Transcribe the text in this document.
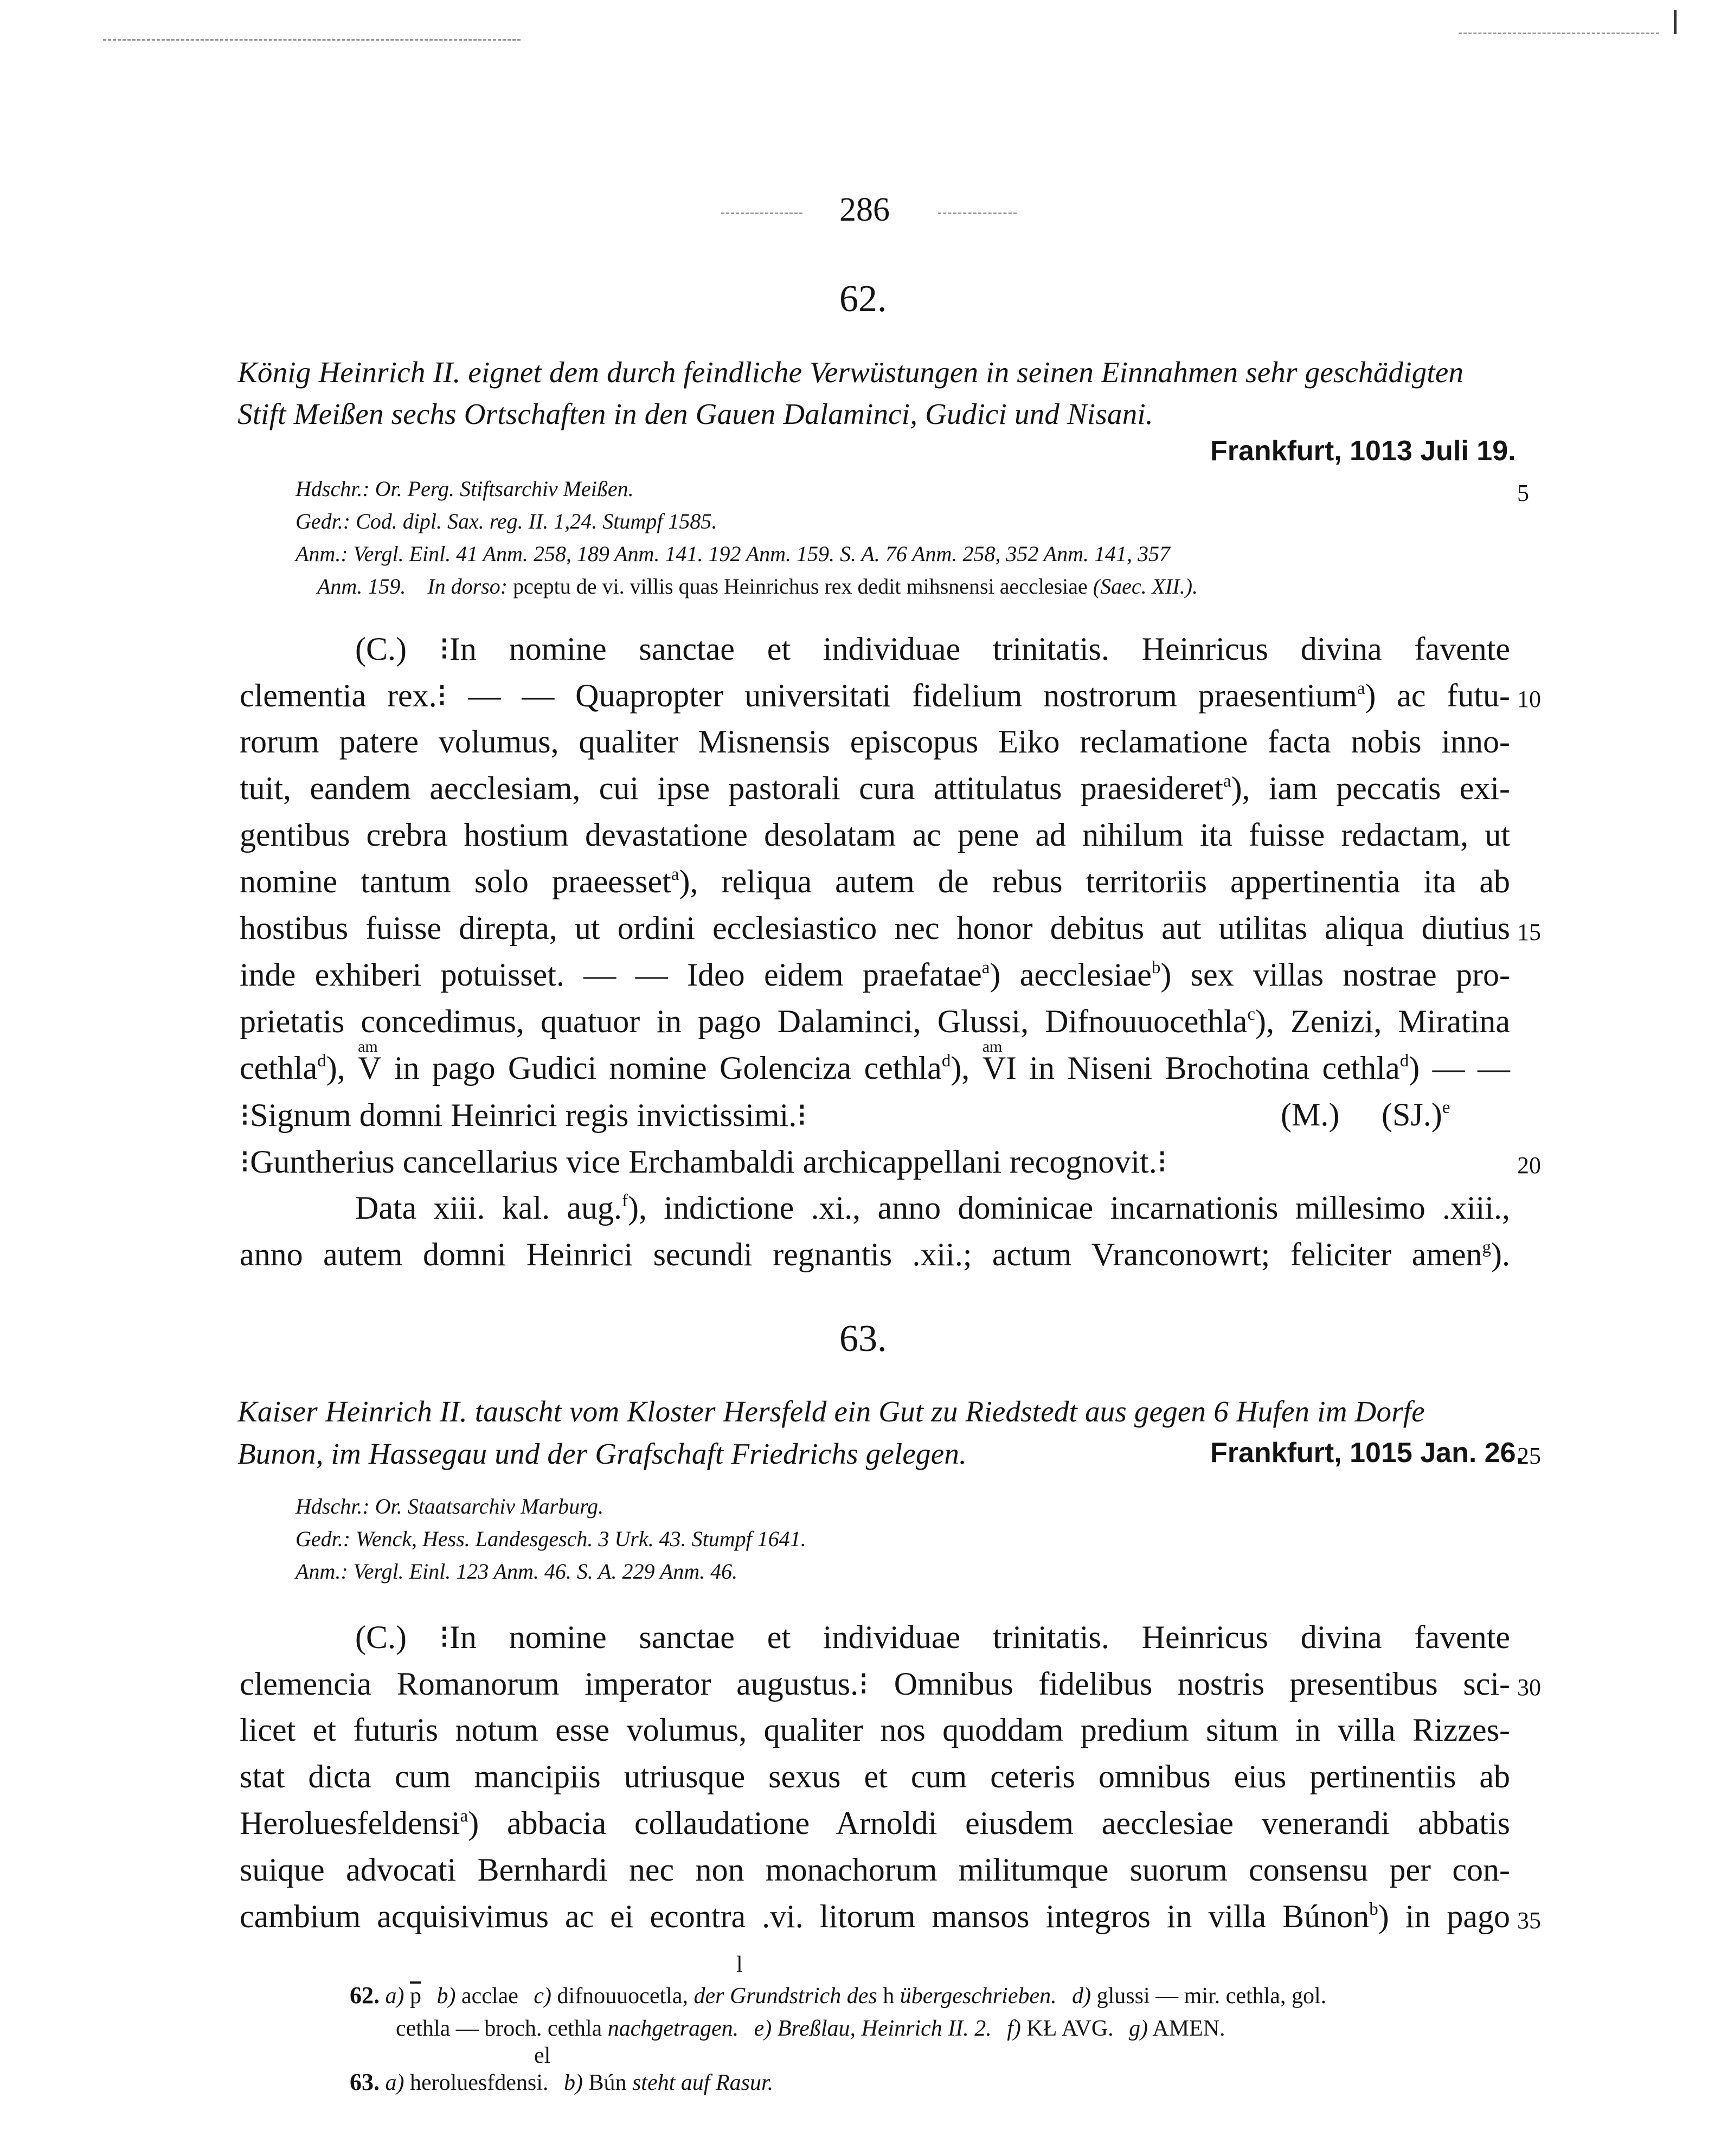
286
62.
König Heinrich II. eignet dem durch feindliche Verwüstungen in seinen Einnahmen sehr geschädigten
Stift Meißen sechs Ortschaften in den Gauen Dalaminci, Gudici und Nisani.
Frankfurt, 1013 Juli 19.
Hdschr.: Or. Perg. Stiftsarchiv Meißen.
Gedr.: Cod. dipl. Sax. reg. II. 1,24. Stumpf 1585.
Anm.: Vergl. Einl. 41 Anm. 258, 189 Anm. 141. 192 Anm. 159. S. A. 76 Anm. 258, 352 Anm. 141, 357
Anm. 159. In dorso: pceptu de vi. villis quas Heinrichus rex dedit mihsnensi aecclesiae (Saec. XII.).
5
(C.) ⁝In nomine sanctae et individuae trinitatis. Heinricus divina favente
clementia rex.⁝ — — Quapropter universitati fidelium nostrorum praesentium$^a$) ac futu-
rorum patere volumus, qualiter Misnensis episcopus Eiko reclamatione facta nobis inno-
tuit, eandem aecclesiam, cui ipse pastorali cura attitulatus praesideret$^a$), iam peccatis exi-
gentibus crebra hostium devastatione desolatam ac pene ad nihilum ita fuisse redactam, ut
nomine tantum solo praeesset$^a$), reliqua autem de rebus territoriis appertinentia ita ab
hostibus fuisse direpta, ut ordini ecclesiastico nec honor debitus aut utilitas aliqua diutius
inde exhiberi potuisset. — — Ideo eidem praefatae$^a$) aecclesiae$^b$) sex villas nostrae pro-
prietatis concedimus, quatuor in pago Dalaminci, Glussi, Difnouuocethla$^c$), Zenizi, Miratina
cethla$^d$),
am
V in pago Gudici nomine Golenciza cethla$^d$),
am
VI in Niseni Brochotina cethla$^d$) — —
⁝Signum domni Heinrici regis invictissimi.⁝	(M.) $(SJ.)^e$
⁝Guntherius cancellarius vice Erchambaldi archicappellani recognovit.⁝
Data xiii. kal. aug.$^f$), indictione .xi., anno dominicae incarnationis millesimo .xiii.,
anno autem domni Heinrici secundi regnantis .xii.; actum Vranconowrt; feliciter amen$^g$).
10
15
20
63.
Kaiser Heinrich II. tauscht vom Kloster Hersfeld ein Gut zu Riedstedt aus gegen 6 Hufen im Dorfe
Bunon, im Hassegau und der Grafschaft Friedrichs gelegen.	Frankfurt, 1015 Jan. 26.
25
Hdschr.: Or. Staatsarchiv Marburg.
Gedr.: Wenck, Hess. Landesgesch. 3 Urk. 43. Stumpf 1641.
Anm.: Vergl. Einl. 123 Anm. 46. S. A. 229 Anm. 46.
(C.) ⁝In nomine sanctae et individuae trinitatis. Heinricus divina favente
clemencia Romanorum imperator augustus.⁝ Omnibus fidelibus nostris presentibus sci-
licet et futuris notum esse volumus, qualiter nos quoddam predium situm in villa Rizzes-
stat dicta cum mancipiis utriusque sexus et cum ceteris omnibus eius pertinentiis ab
Heroluesfeldensi$^a$) abbacia collaudatione Arnoldi eiusdem aecclesiae venerandi abbatis
suique advocati Bernhardi nec non monachorum militumque suorum consensu per con-
cambium acquisivimus ac ei econtra .vi. litorum mansos integros in villa Búnon$^b$) in pago
30
35
l
62. a) $\overline{p}$ b) acclae c) difnouuocetla, der Grundstrich des h übergeschrieben. d) glussi — mir. cethla, gol.
cethla — broch. cethla nachgetragen. e) Breßlau, Heinrich II. 2. f) KŁ AVG. g) AMEN.
el
63. a) heroluesfdensi. b) Bún steht auf Rasur.
